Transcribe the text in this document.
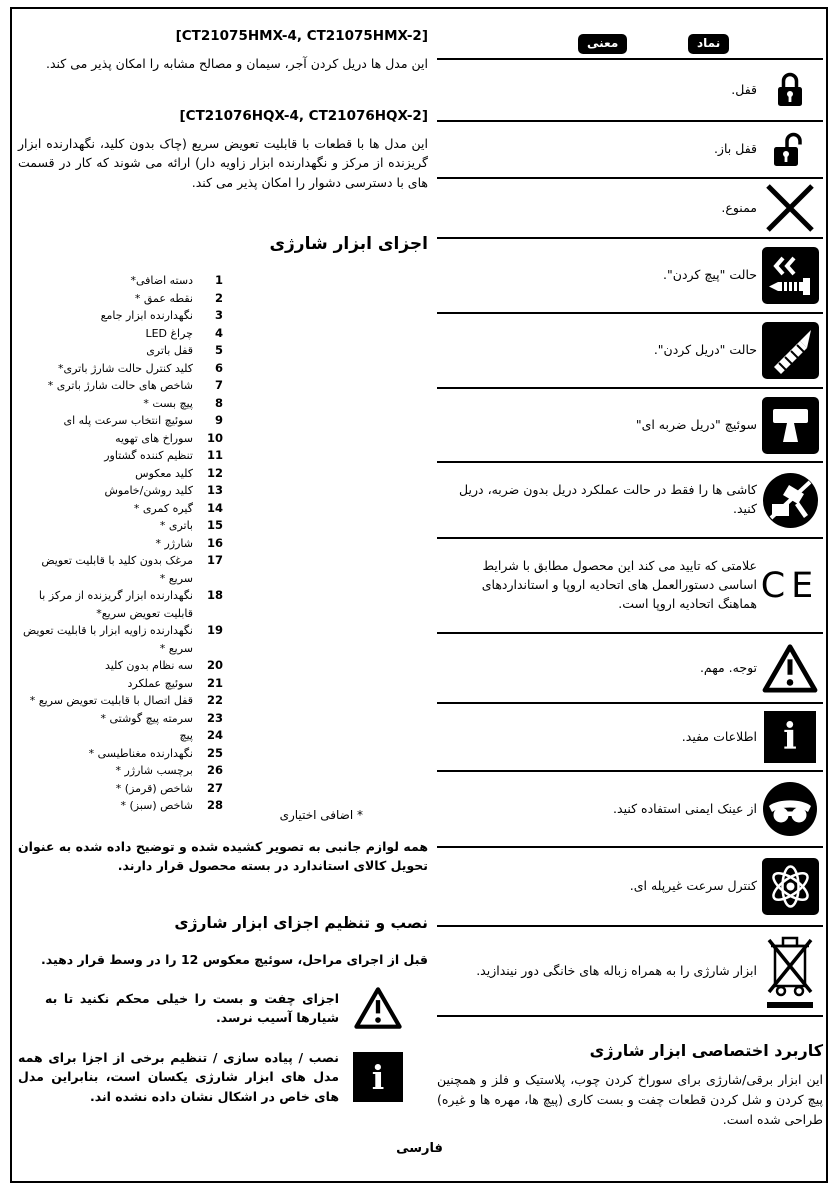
[CT21075HMX-4, CT21075HMX-2]
این مدل ها دریل کردن آجر، سیمان و مصالح مشابه را امکان پذیر می کند.
[CT21076HQX-4, CT21076HQX-2]
این مدل ها با قطعات با قابلیت تعویض سریع (چاک بدون کلید، نگهدارنده ابزار گریزنده از مرکز و نگهدارنده ابزار زاویه دار) ارائه می شوند که کار در قسمت های با دسترسی دشوار را امکان پذیر می کند.
اجزای ابزار شارژی
1
دسته اضافی*
2
نقطه عمق *
3
نگهدارنده ابزار جامع
4
چراغ LED
5
قفل باتری
6
کلید کنترل حالت شارژ باتری*
7
شاخص های حالت شارژ باتری *
8
پیچ بست *
9
سوئیچ انتخاب سرعت پله ای
10
سوراخ های تهویه
11
تنظیم کننده گشتاور
12
کلید معکوس
13
کلید روشن/خاموش
14
گیره کمری *
15
باتری *
16
شارژر *
17
مرغک بدون کلید با قابلیت تعویض سریع *
18
نگهدارنده ابزار گریزنده از مرکز با قابلیت تعویض سریع*
19
نگهدارنده زاویه ابزار با قابلیت تعویض سریع *
20
سه نظام بدون کلید
21
سوئیچ عملکرد
22
قفل اتصال با قابلیت تعویض سریع *
23
سرمته پیچ گوشتی *
24
پیچ
25
نگهدارنده مغناطیسی *
26
برچسب شارژر *
27
شاخص (قرمز) *
28
شاخص (سبز) *
* اضافی اختیاری
همه لوازم جانبی به تصویر کشیده شده و توضیح داده شده به عنوان تحویل کالای استاندارد در بسته محصول قرار دارند.
نصب و تنظیم اجزای ابزار شارژی
قبل از اجرای مراحل، سوئیچ معکوس 12 را در وسط قرار دهید.
اجزای چفت و بست را خیلی محکم نکنید تا به شیارها آسیب نرسد.
i
نصب / پیاده سازی / تنظیم برخی از اجزا برای همه مدل های ابزار شارژی یکسان است، بنابراین مدل های خاص در اشکال نشان داده نشده اند.
فارسی
نماد
معنی
قفل.
قفل باز.
ممنوع.
حالت "پیچ کردن".
حالت "دریل کردن".
سوئیچ "دریل ضربه ای"
کاشی ها را فقط در حالت عملکرد دریل بدون ضربه، دریل کنید.
CE
علامتی که تایید می کند این محصول مطابق با شرایط اساسی دستورالعمل های اتحادیه اروپا و استانداردهای هماهنگ اتحادیه اروپا است.
توجه. مهم.
i
اطلاعات مفید.
از عینک ایمنی استفاده کنید.
کنترل سرعت غیرپله ای.
ابزار شارژی را به همراه زباله های خانگی دور نیندازید.
کاربرد اختصاصی ابزار شارژی
این ابزار برقی/شارژی برای سوراخ کردن چوب، پلاستیک و فلز و همچنین پیچ کردن و شل کردن قطعات چفت و بست کاری (پیچ ها، مهره ها و غیره) طراحی شده است.
